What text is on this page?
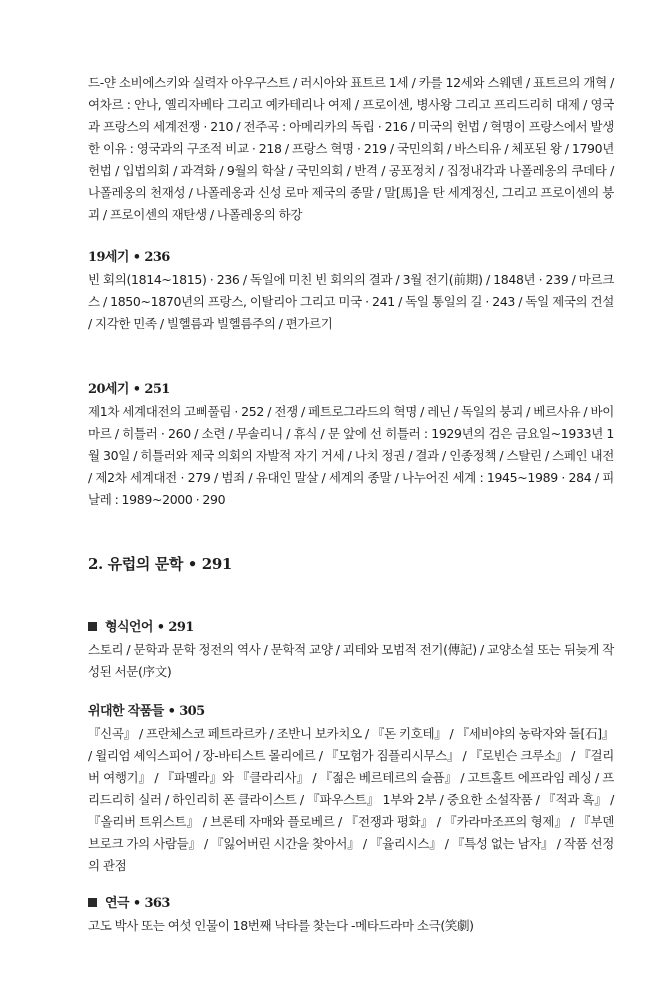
드-얀 소비에스키와 실력자 아우구스트 / 러시아와 표트르 1세 / 카를 12세와 스웨덴 / 표트르의 개혁 / 여차르 : 안나, 옐리자베타 그리고 예카테리나 여제 / 프로이센, 병사왕 그리고 프리드리히 대제 / 영국과 프랑스의 세계전쟁 · 210 / 전주곡 : 아메리카의 독립 · 216 / 미국의 헌법 / 혁명이 프랑스에서 발생한 이유 : 영국과의 구조적 비교 · 218 / 프랑스 혁명 · 219 / 국민의회 / 바스티유 / 체포된 왕 / 1790년 헌법 / 입법의회 / 과격화 / 9월의 학살 / 국민의회 / 반격 / 공포정치 / 집정내각과 나폴레옹의 쿠데타 / 나폴레옹의 천재성 / 나폴레옹과 신성 로마 제국의 종말 / 말[馬]을 탄 세계정신, 그리고 프로이센의 붕괴 / 프로이센의 재탄생 / 나폴레옹의 하강

19세기 • 236

빈 회의(1814~1815) · 236 / 독일에 미친 빈 회의의 결과 / 3월 전기(前期) / 1848년 · 239 / 마르크스 / 1850~1870년의 프랑스, 이탈리아 그리고 미국 · 241 / 독일 통일의 길 · 243 / 독일 제국의 건설 / 지각한 민족 / 빌헬름과 빌헬름주의 / 편가르기

20세기 • 251

제1차 세계대전의 고삐풀림 · 252 / 전쟁 / 페트로그라드의 혁명 / 레닌 / 독일의 붕괴 / 베르사유 / 바이마르 / 히틀러 · 260 / 소련 / 무솔리니 / 휴식 / 문 앞에 선 히틀러 : 1929년의 검은 금요일~1933년 1월 30일 / 히틀러와 제국 의회의 자발적 자기 거세 / 나치 정권 / 결과 / 인종정책 / 스탈린 / 스페인 내전 / 제2차 세계대전 · 279 / 범죄 / 유대인 말살 / 세계의 종말 / 나누어진 세계 : 1945~1989 · 284 / 피날레 : 1989~2000 · 290

2. 유럽의 문학 • 291
형식언어 • 291

스토리 / 문학과 문학 정전의 역사 / 문학적 교양 / 괴테와 모범적 전기(傳記) / 교양소설 또는 뒤늦게 작성된 서문(序文)

위대한 작품들 • 305

『신곡』 / 프란체스코 페트라르카 / 조반니 보카치오 / 『돈 키호테』 / 『세비야의 농락자와 돌[石]』 / 윌리엄 셰익스피어 / 장-바티스트 몰리에르 / 『모험가 짐플리시무스』 / 『로빈슨 크루소』 / 『걸리버 여행기』 / 『파멜라』와 『클라리사』 / 『젊은 베르테르의 슬픔』 / 고트홀트 에프라임 레싱 / 프리드리히 실러 / 하인리히 폰 클라이스트 / 『파우스트』 1부와 2부 / 중요한 소설작품 / 『적과 흑』 / 『올리버 트위스트』 / 브론테 자매와 플로베르 / 『전쟁과 평화』 / 『카라마조프의 형제』 / 『부덴브로크 가의 사람들』 / 『잃어버린 시간을 찾아서』 / 『율리시스』 / 『특성 없는 남자』 / 작품 선정의 관점

연극 • 363

고도 박사 또는 여섯 인물이 18번째 낙타를 찾는다 -메타드라마 소극(笑劇)
